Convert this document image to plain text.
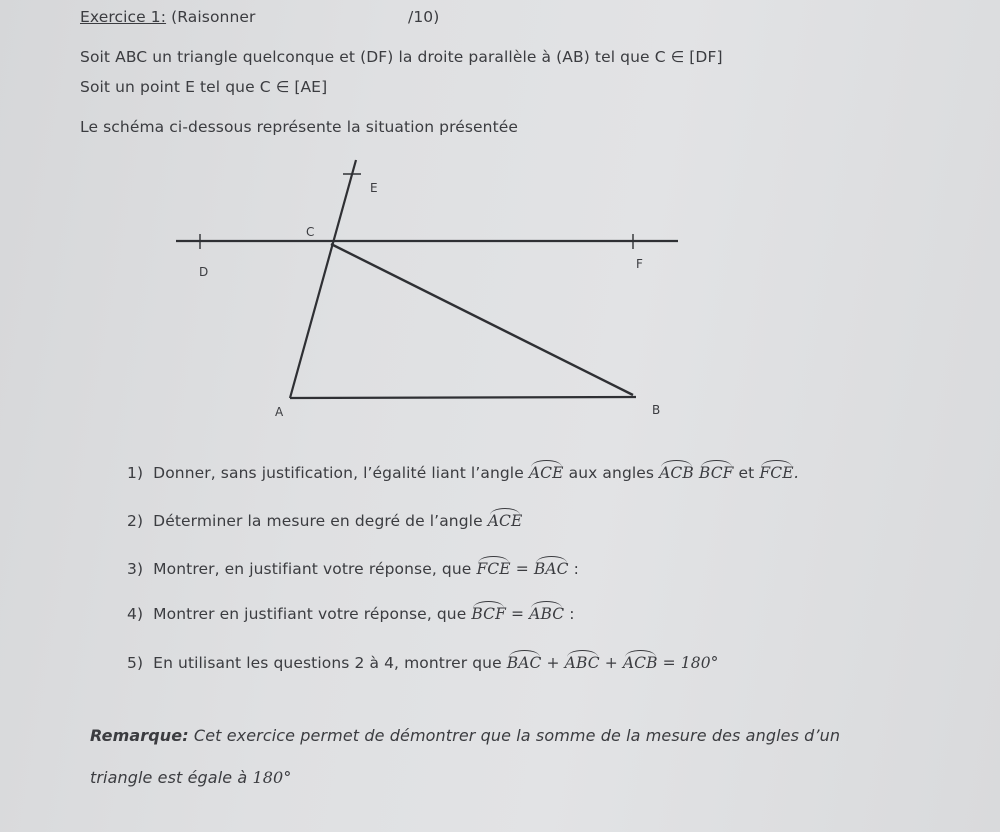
Exercice 1: (Raisonner	/10)
Soit ABC un triangle quelconque et (DF) la droite parallèle à (AB) tel que C ∈ [DF]
Soit un point E tel que C ∈ [AE]
Le schéma ci-dessous représente la situation présentée
E
C
D
F
A	B
1) Donner, sans justification, l’égalité liant l’angle ACE aux angles ACB BCF et FCE.
2) Déterminer la mesure en degré de l’angle ACE
3) Montrer, en justifiant votre réponse, que FCE = BAC :
4) Montrer en justifiant votre réponse, que BCF = ABC :
5) En utilisant les questions 2 à 4, montrer que BAC + ABC + ACB = 180°
Remarque: Cet exercice permet de démontrer que la somme de la mesure des angles d’un
triangle est égale à 180°
